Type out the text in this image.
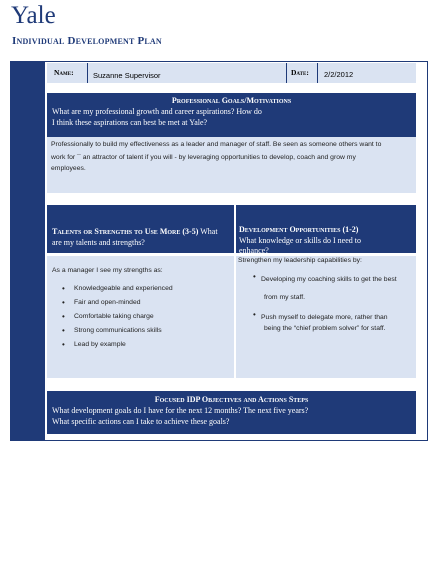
Yale
Individual Development Plan
Name:	Suzanne Supervisor	Date: 2/2/2012
Professional Goals/Motivations
What are my professional growth and career aspirations? How do
I think these aspirations can best be met at Yale?
Professionally to build my effectiveness as a leader and manager of staff. Be seen as someone others want to
work for ¯ an attractor of talent if you will - by leveraging opportunities to develop, coach and grow my
employees.
Talents or Strengths to Use More (3-5) What
are my talents and strengths?
As a manager I see my strengths as:
• Knowledgeable and experienced
• Fair and open-minded
• Comfortable taking charge
• Strong communications skills
• Lead by example
Development Opportunities (1-2)
What knowledge or skills do I need to
enhance?
Strengthen my leadership capabilities by:
• Developing my coaching skills to get the best
from my staff.
• Push myself to delegate more, rather than
being the “chief problem solver” for staff.
Focused IDP Objectives and Actions Steps
What development goals do I have for the next 12 months? The next five years?
What specific actions can I take to achieve these goals?
